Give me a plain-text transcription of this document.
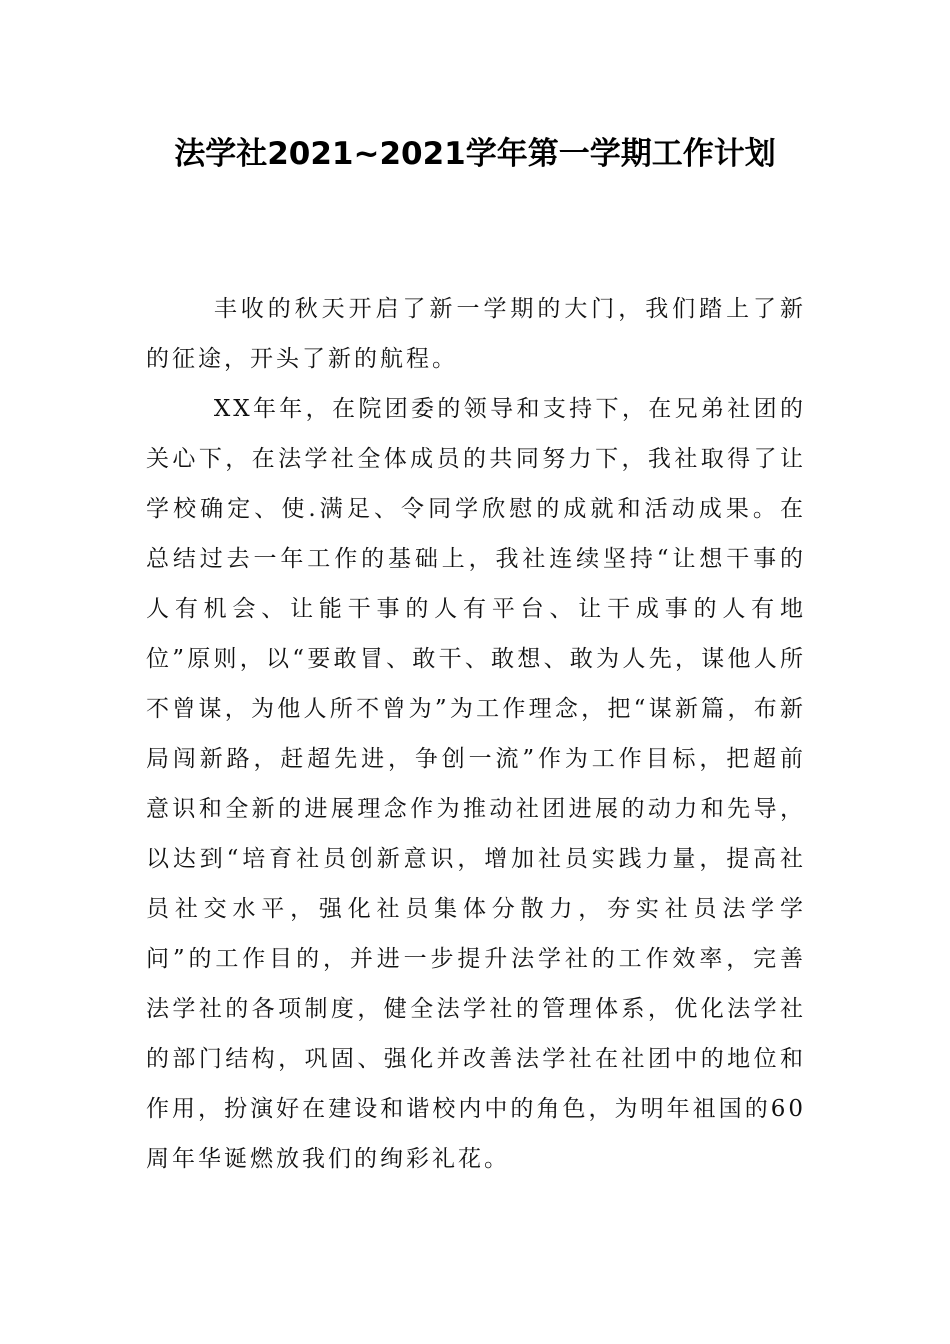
法学社2021~2021学年第一学期工作计划

丰收的秋天开启了新一学期的大门，我们踏上了新的征途，开头了新的航程。

XX年年，在院团委的领导和支持下，在兄弟社团的关心下，在法学社全体成员的共同努力下，我社取得了让学校确定、使.满足、令同学欣慰的成就和活动成果。在总结过去一年工作的基础上，我社连续坚持“让想干事的人有机会、让能干事的人有平台、让干成事的人有地位”原则，以“要敢冒、敢干、敢想、敢为人先，谋他人所不曾谋，为他人所不曾为”为工作理念，把“谋新篇，布新局闯新路，赶超先进，争创一流”作为工作目标，把超前意识和全新的进展理念作为推动社团进展的动力和先导，以达到“培育社员创新意识，增加社员实践力量，提高社员社交水平，强化社员集体分散力，夯实社员法学学问”的工作目的，并进一步提升法学社的工作效率，完善法学社的各项制度，健全法学社的管理体系，优化法学社的部门结构，巩固、强化并改善法学社在社团中的地位和作用，扮演好在建设和谐校内中的角色，为明年祖国的60周年华诞燃放我们的绚彩礼花。
